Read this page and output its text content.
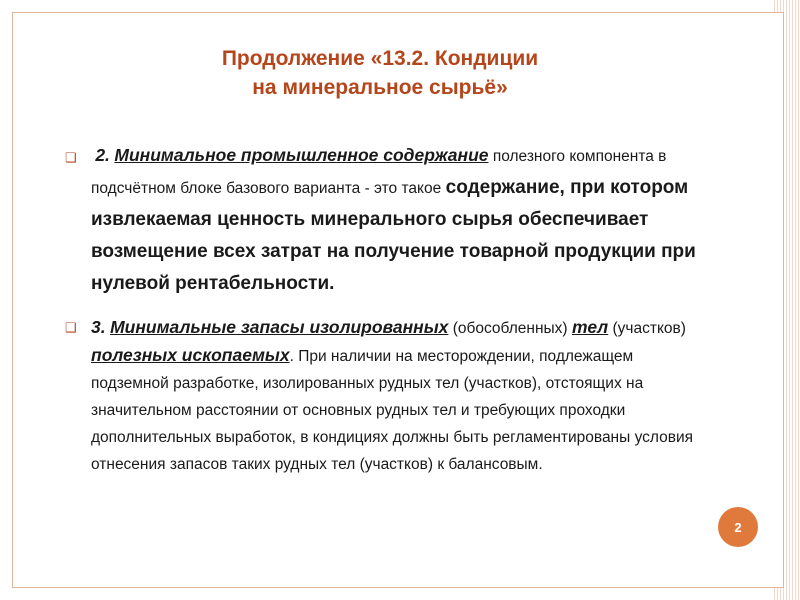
Продолжение «13.2. Кондиции
на минеральное сырьё»
❑ 2. Минимальное промышленное содержание полезного компонента в подсчётном блоке базового варианта - это такое содержание, при котором извлекаемая ценность минерального сырья обеспечивает возмещение всех затрат на получение товарной продукции при нулевой рентабельности.
❑ 3. Минимальные запасы изолированных (обособленных) тел (участков) полезных ископаемых. При наличии на месторождении, подлежащем подземной разработке, изолированных рудных тел (участков), отстоящих на значительном расстоянии от основных рудных тел и требующих проходки дополнительных выработок, в кондициях должны быть регламентированы условия отнесения запасов таких рудных тел (участков) к балансовым.
2
